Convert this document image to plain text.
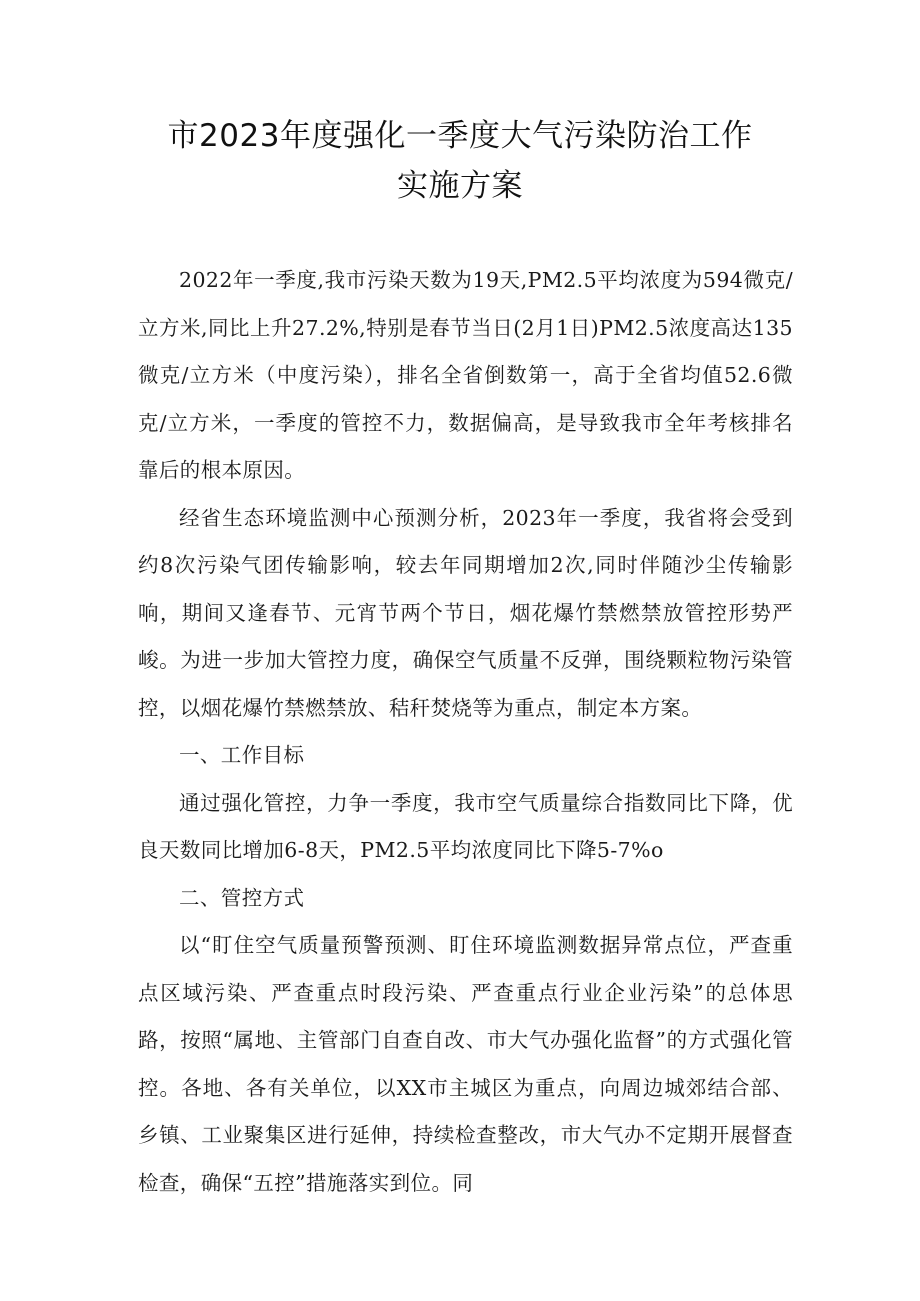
市2023年度强化一季度大气污染防治工作
实施方案

2022年一季度,我市污染天数为19天,PM2.5平均浓度为594微克/立方米,同比上升27.2%,特别是春节当日(2月1日)PM2.5浓度高达135微克/立方米（中度污染），排名全省倒数第一，高于全省均值52.6微克/立方米，一季度的管控不力，数据偏高，是导致我市全年考核排名靠后的根本原因。

经省生态环境监测中心预测分析，2023年一季度，我省将会受到约8次污染气团传输影响，较去年同期增加2次,同时伴随沙尘传输影响，期间又逢春节、元宵节两个节日，烟花爆竹禁燃禁放管控形势严峻。为进一步加大管控力度，确保空气质量不反弹，围绕颗粒物污染管控，以烟花爆竹禁燃禁放、秸秆焚烧等为重点，制定本方案。

一、工作目标

通过强化管控，力争一季度，我市空气质量综合指数同比下降，优良天数同比增加6-8天，PM2.5平均浓度同比下降5-7%o

二、管控方式

以“盯住空气质量预警预测、盯住环境监测数据异常点位，严查重点区域污染、严查重点时段污染、严查重点行业企业污染”的总体思路，按照“属地、主管部门自查自改、市大气办强化监督”的方式强化管控。各地、各有关单位，以XX市主城区为重点，向周边城郊结合部、乡镇、工业聚集区进行延伸，持续检查整改，市大气办不定期开展督查检查，确保“五控”措施落实到位。同
